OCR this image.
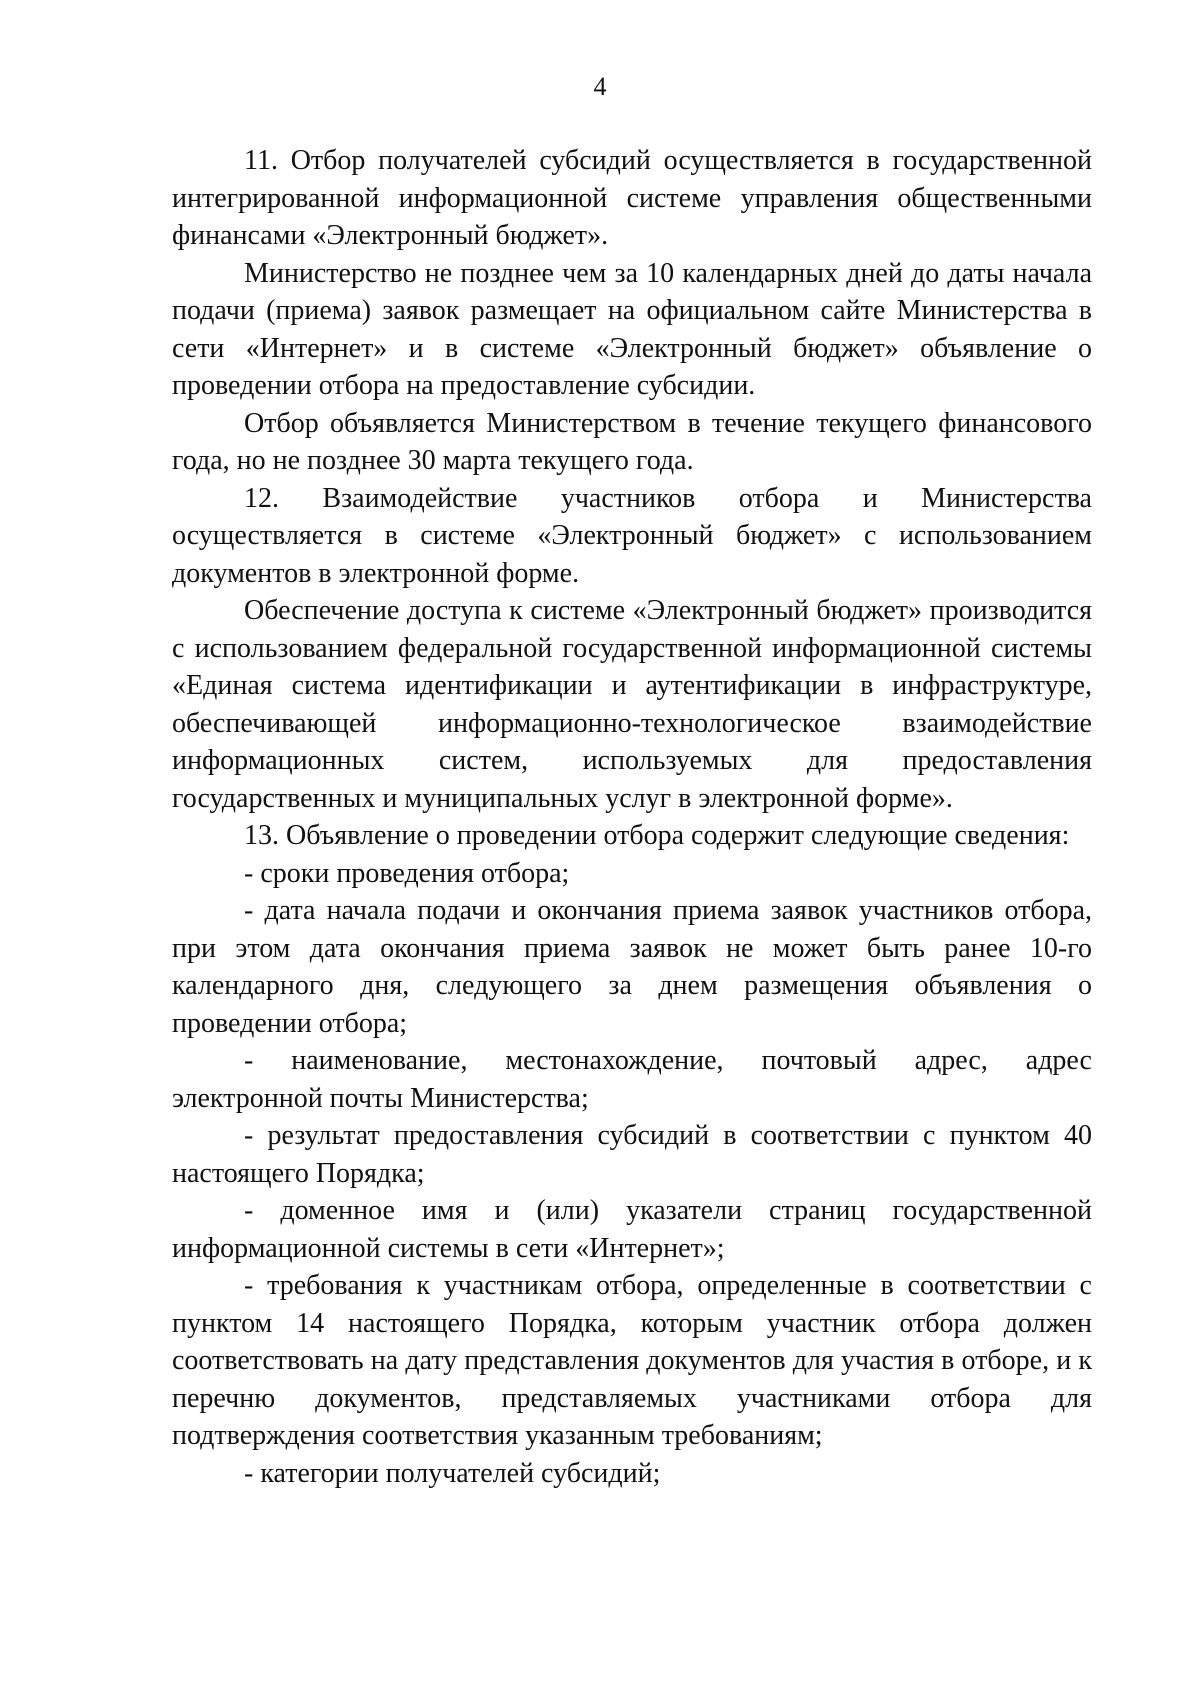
4

11. Отбор получателей субсидий осуществляется в государственной интегрированной информационной системе управления общественными финансами «Электронный бюджет».

Министерство не позднее чем за 10 календарных дней до даты начала подачи (приема) заявок размещает на официальном сайте Министерства в сети «Интернет» и в системе «Электронный бюджет» объявление о проведении отбора на предоставление субсидии.

Отбор объявляется Министерством в течение текущего финансового года, но не позднее 30 марта текущего года.

12. Взаимодействие участников отбора и Министерства осуществляется в системе «Электронный бюджет» с использованием документов в электронной форме.

Обеспечение доступа к системе «Электронный бюджет» производится с использованием федеральной государственной информационной системы «Единая система идентификации и аутентификации в инфраструктуре, обеспечивающей информационно-технологическое взаимодействие информационных систем, используемых для предоставления государственных и муниципальных услуг в электронной форме».

13. Объявление о проведении отбора содержит следующие сведения:

- сроки проведения отбора;

- дата начала подачи и окончания приема заявок участников отбора, при этом дата окончания приема заявок не может быть ранее 10-го календарного дня, следующего за днем размещения объявления о проведении отбора;

- наименование, местонахождение, почтовый адрес, адрес электронной почты Министерства;

- результат предоставления субсидий в соответствии с пунктом 40 настоящего Порядка;

- доменное имя и (или) указатели страниц государственной информационной системы в сети «Интернет»;

- требования к участникам отбора, определенные в соответствии с пунктом 14 настоящего Порядка, которым участник отбора должен соответствовать на дату представления документов для участия в отборе, и к перечню документов, представляемых участниками отбора для подтверждения соответствия указанным требованиям;

- категории получателей субсидий;
